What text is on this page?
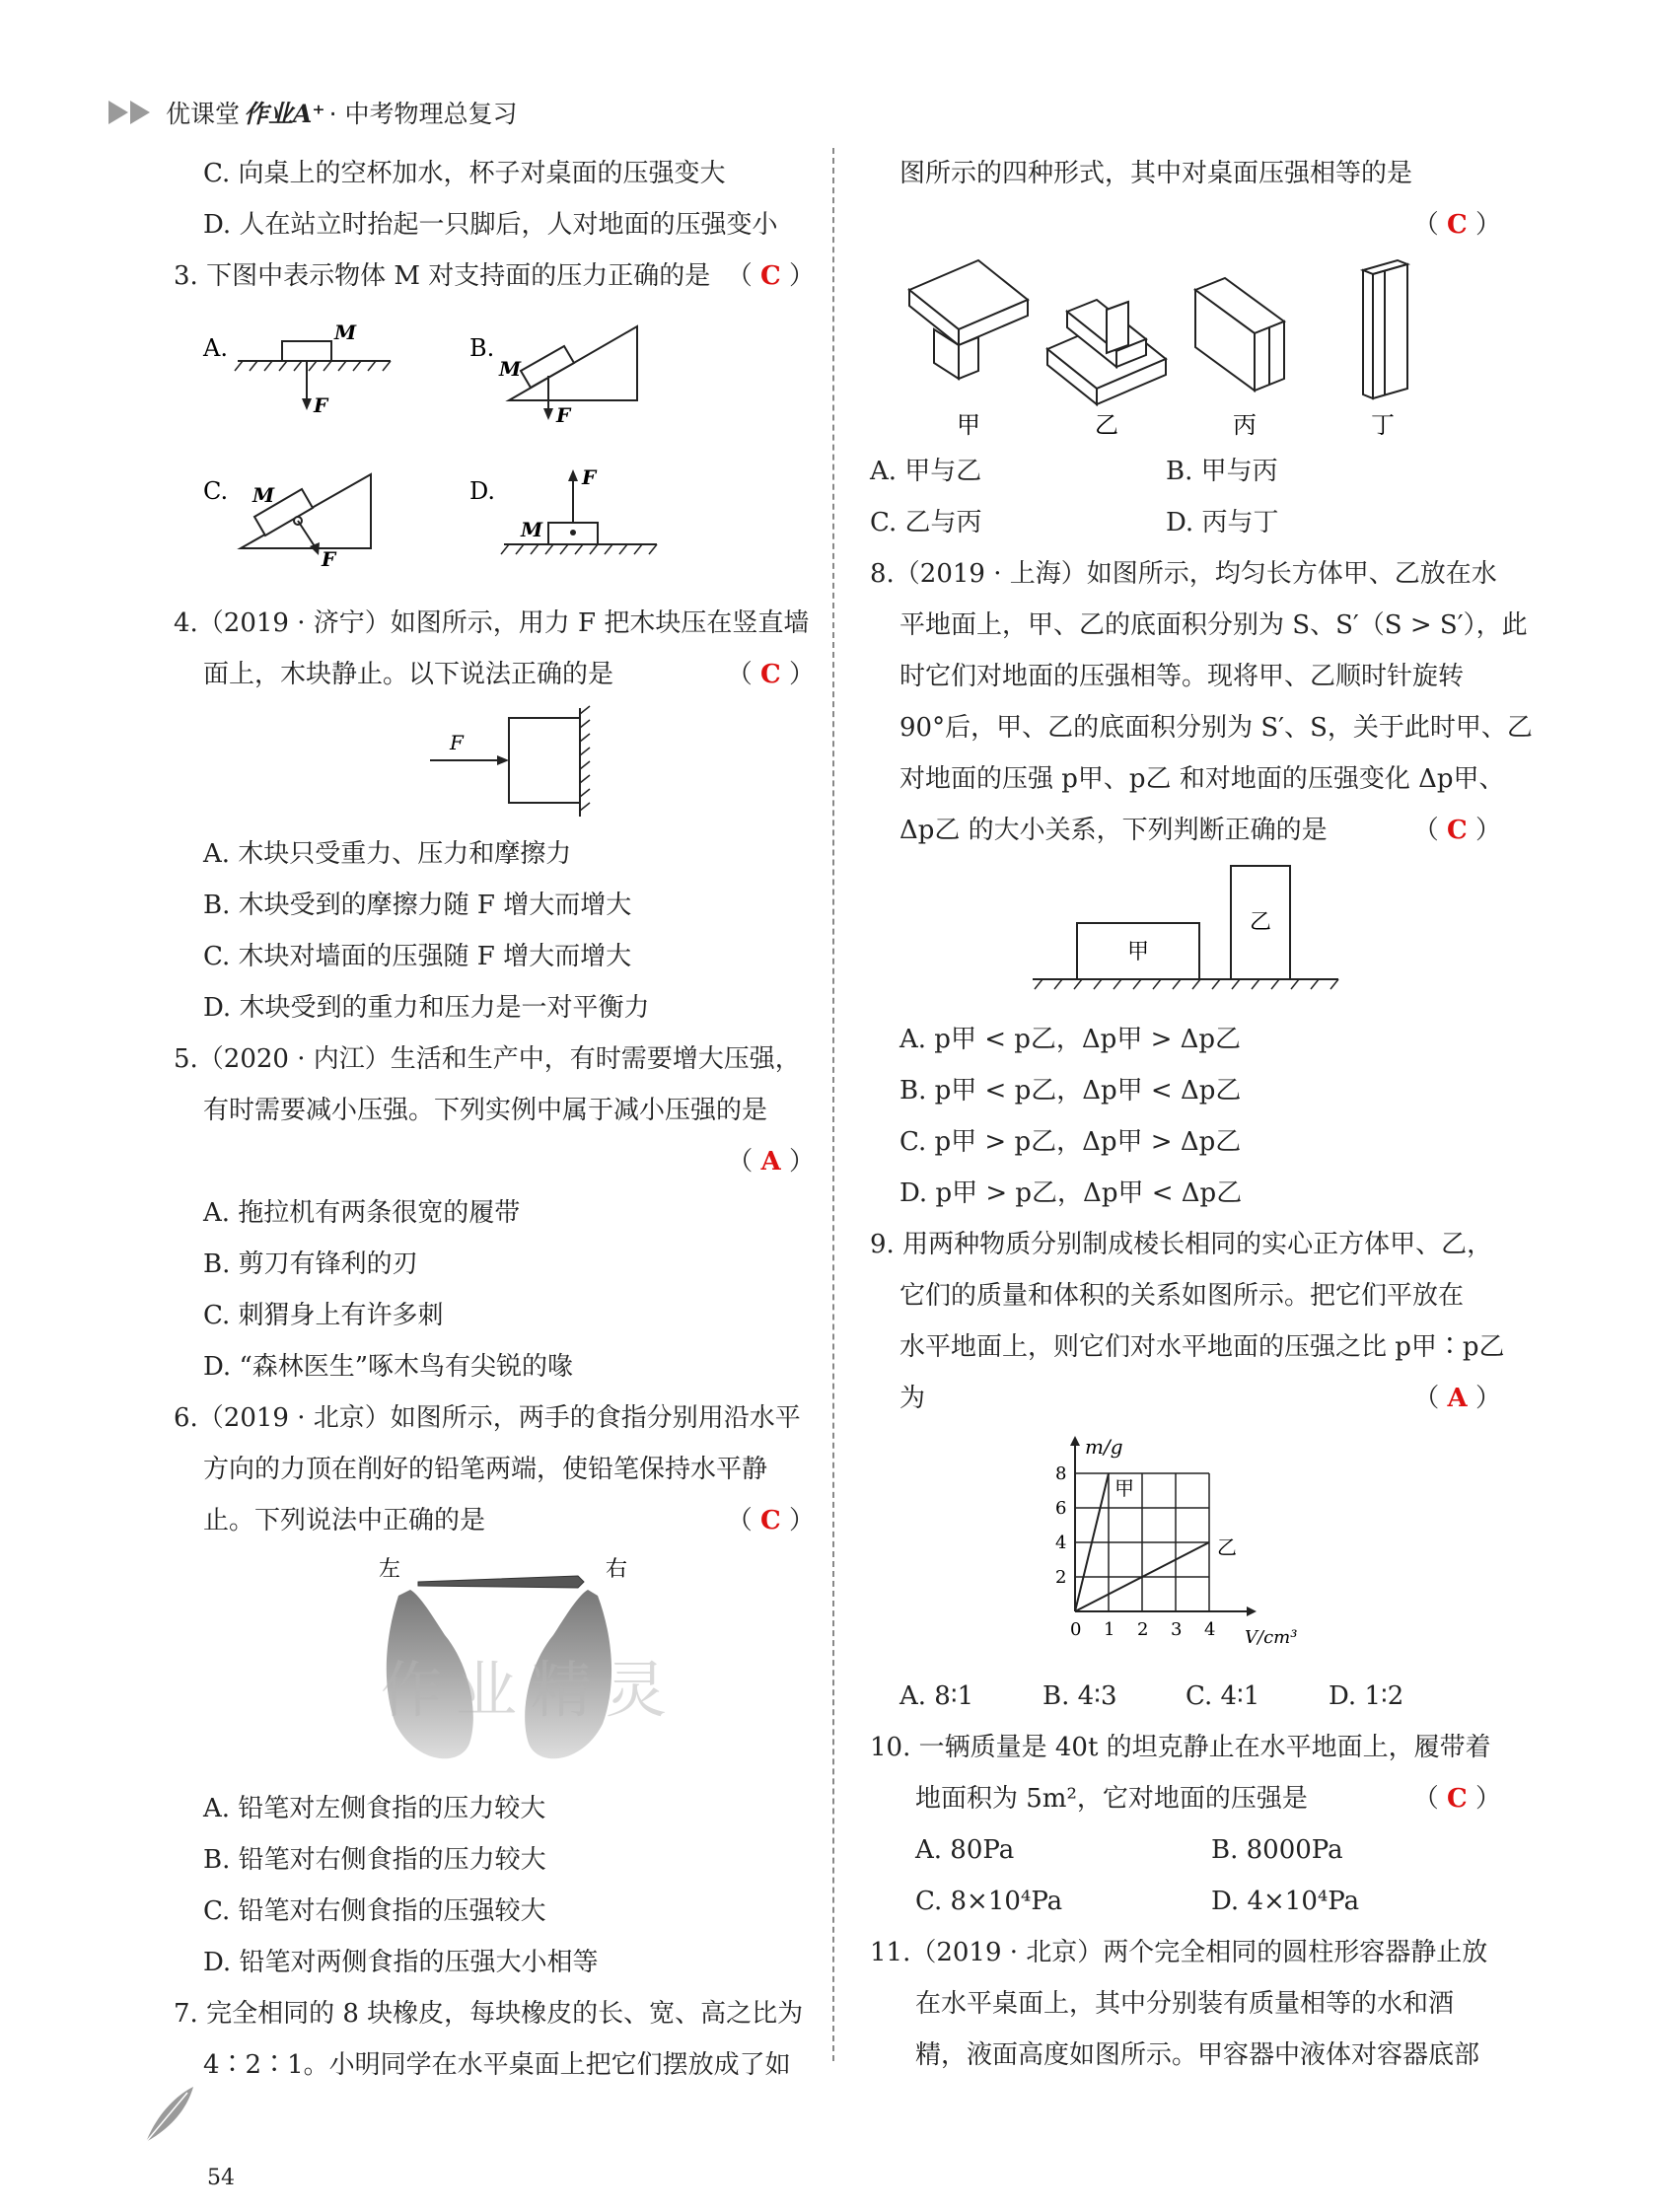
优课堂 作业A⁺ · 中考物理总复习
C. 向桌上的空杯加水，杯子对桌面的压强变大
D. 人在站立时抬起一只脚后，人对地面的压强变小
3. 下图中表示物体 M 对支持面的压力正确的是 （ C ）
A.
M
F
B.
M
F
C. M
F
D.
M
F
4.（2019 · 济宁）如图所示，用力 F 把木块压在竖直墙
面上，木块静止。以下说法正确的是	（ C ）
F
A. 木块只受重力、压力和摩擦力
B. 木块受到的摩擦力随 F 增大而增大
C. 木块对墙面的压强随 F 增大而增大
D. 木块受到的重力和压力是一对平衡力
5.（2020 · 内江）生活和生产中，有时需要增大压强，
有时需要减小压强。下列实例中属于减小压强的是
（ A ）
A. 拖拉机有两条很宽的履带
B. 剪刀有锋利的刃
C. 刺猬身上有许多刺
D. “森林医生”啄木鸟有尖锐的喙
6.（2019 · 北京）如图所示，两手的食指分别用沿水平
方向的力顶在削好的铅笔两端，使铅笔保持水平静
止。下列说法中正确的是	（ C ）
左	右
作业精灵
A. 铅笔对左侧食指的压力较大
B. 铅笔对右侧食指的压力较大
C. 铅笔对右侧食指的压强较大
D. 铅笔对两侧食指的压强大小相等
7. 完全相同的 8 块橡皮，每块橡皮的长、宽、高之比为
4∶2∶1。小明同学在水平桌面上把它们摆放成了如
图所示的四种形式，其中对桌面压强相等的是
（ C ）
甲	乙	丙	丁
A. 甲与乙	B. 甲与丙
C. 乙与丙	D. 丙与丁
8.（2019 · 上海）如图所示，均匀长方体甲、乙放在水
平地面上，甲、乙的底面积分别为 S、S′（S > S′），此
时它们对地面的压强相等。现将甲、乙顺时针旋转
90°后，甲、乙的底面积分别为 S′、S，关于此时甲、乙
对地面的压强 p甲、p乙 和对地面的压强变化 Δp甲、
Δp乙 的大小关系，下列判断正确的是	（ C ）
甲
乙
A. p甲 < p乙，Δp甲 > Δp乙
B. p甲 < p乙，Δp甲 < Δp乙
C. p甲 > p乙，Δp甲 > Δp乙
D. p甲 > p乙，Δp甲 < Δp乙
9. 用两种物质分别制成棱长相同的实心正方体甲、乙，
它们的质量和体积的关系如图所示。把它们平放在
水平地面上，则它们对水平地面的压强之比 p甲∶p乙
为	（ A ）
m/g
V/cm³
0 1 2 3 4
2
4
6
8
甲
乙
A. 8∶1	B. 4∶3	C. 4∶1	D. 1∶2
10. 一辆质量是 40t 的坦克静止在水平地面上，履带着
地面积为 5m²，它对地面的压强是	（ C ）
A. 80Pa	B. 8000Pa
C. 8×10⁴Pa	D. 4×10⁴Pa
11.（2019 · 北京）两个完全相同的圆柱形容器静止放
在水平桌面上，其中分别装有质量相等的水和酒
精，液面高度如图所示。甲容器中液体对容器底部
54
